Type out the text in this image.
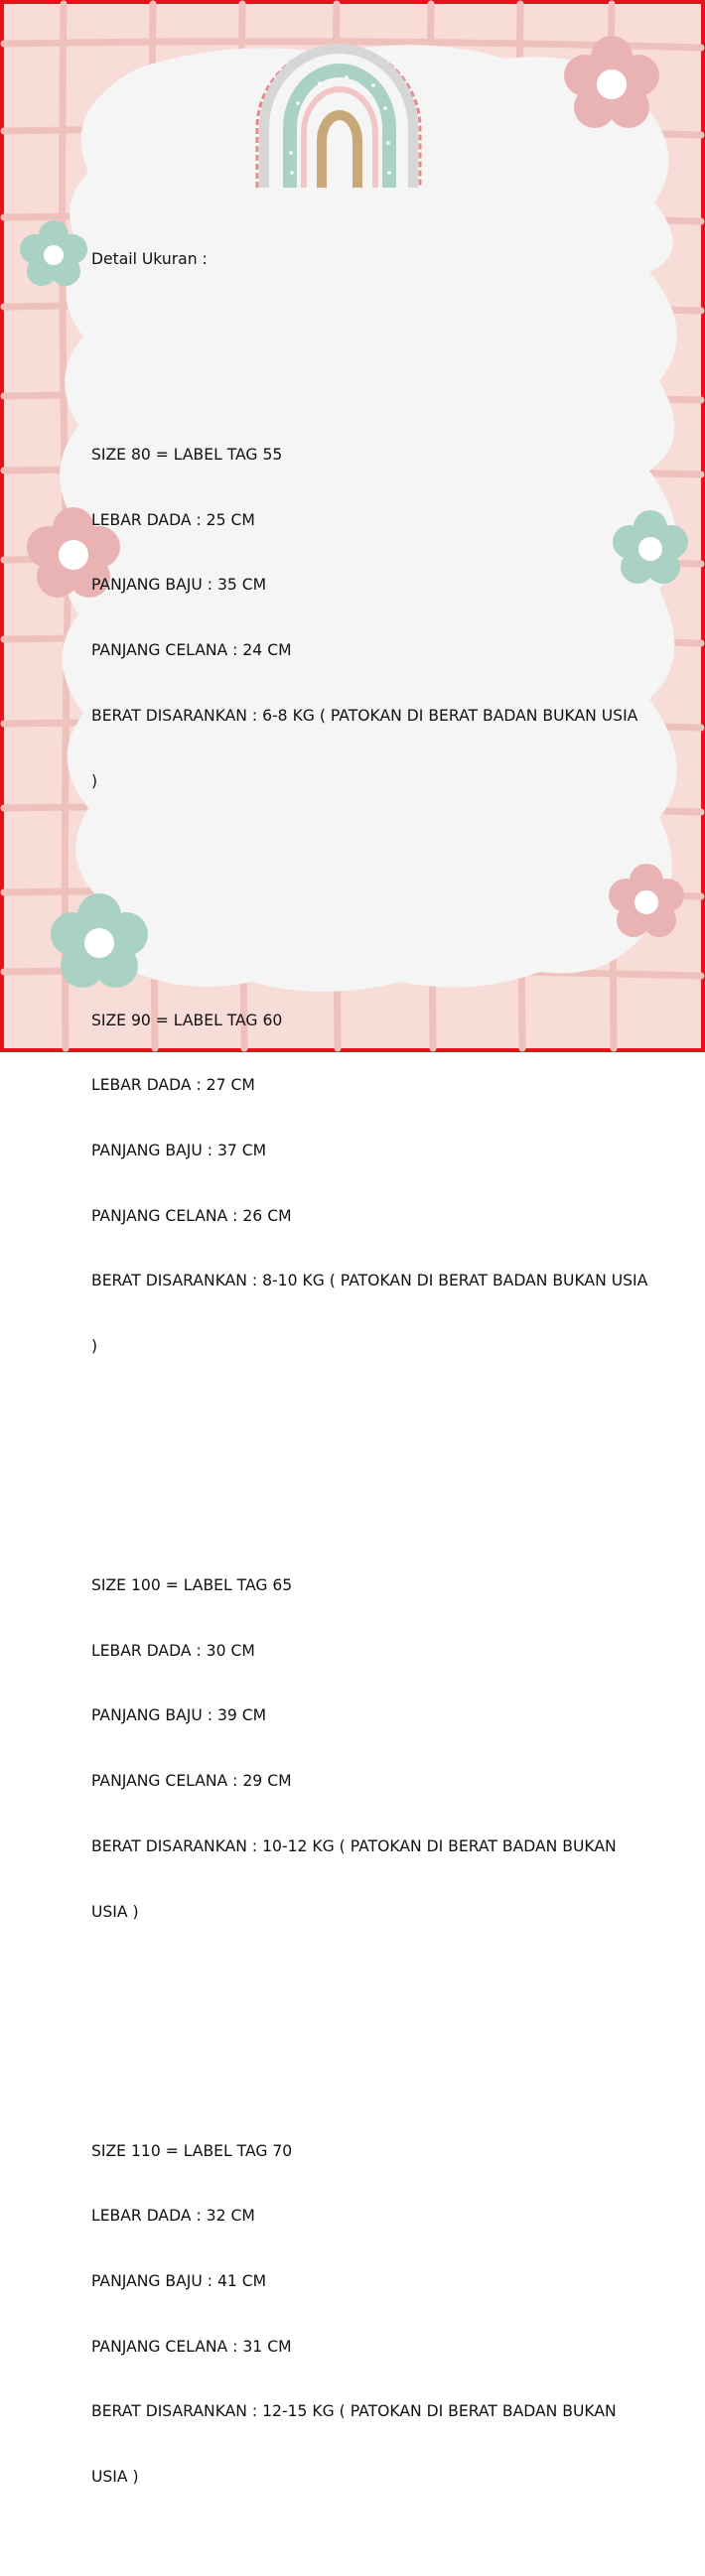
Detail Ukuran :

SIZE 80 = LABEL TAG 55

LEBAR DADA : 25 CM

PANJANG BAJU : 35 CM

PANJANG CELANA : 24 CM

BERAT DISARANKAN : 6-8 KG ( PATOKAN DI BERAT BADAN BUKAN USIA

)

SIZE 90 = LABEL TAG 60

LEBAR DADA : 27 CM

PANJANG BAJU : 37 CM

PANJANG CELANA : 26 CM

BERAT DISARANKAN : 8-10 KG ( PATOKAN DI BERAT BADAN BUKAN USIA

)

SIZE 100 = LABEL TAG 65

LEBAR DADA : 30 CM

PANJANG BAJU : 39 CM

PANJANG CELANA : 29 CM

BERAT DISARANKAN : 10-12 KG ( PATOKAN DI BERAT BADAN BUKAN

USIA )

SIZE 110 = LABEL TAG 70

LEBAR DADA : 32 CM

PANJANG BAJU : 41 CM

PANJANG CELANA : 31 CM

BERAT DISARANKAN : 12-15 KG ( PATOKAN DI BERAT BADAN BUKAN

USIA )
